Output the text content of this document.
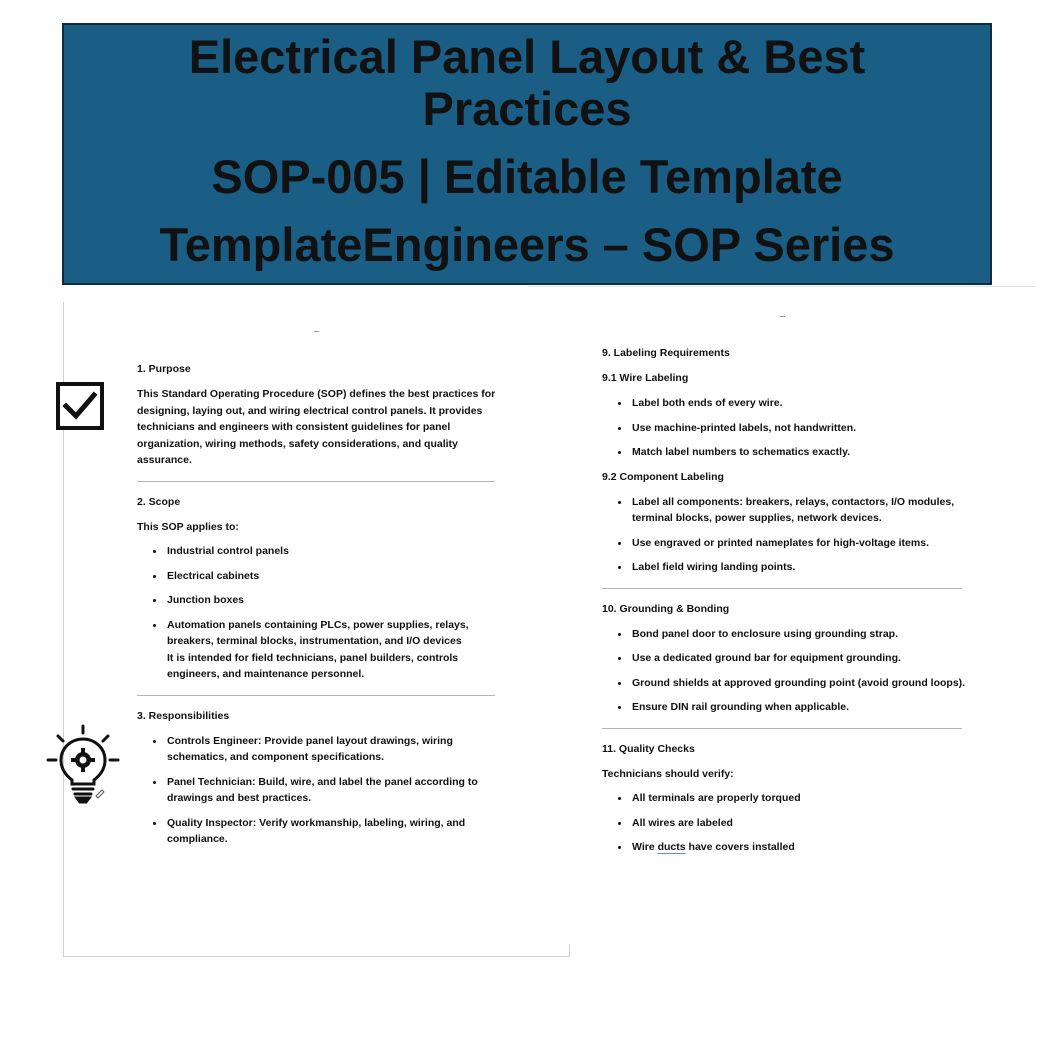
Electrical Panel Layout & Best Practices
SOP-005 | Editable Template
TemplateEngineers – SOP Series
1. Purpose

This Standard Operating Procedure (SOP) defines the best practices for designing, laying out, and wiring electrical control panels. It provides technicians and engineers with consistent guidelines for panel organization, wiring methods, safety considerations, and quality assurance.

2. Scope

This SOP applies to:

Industrial control panels
Electrical cabinets
Junction boxes
Automation panels containing PLCs, power supplies, relays, breakers, terminal blocks, instrumentation, and I/O devices
It is intended for field technicians, panel builders, controls engineers, and maintenance personnel.
3. Responsibilities
Controls Engineer: Provide panel layout drawings, wiring schematics, and component specifications.
Panel Technician: Build, wire, and label the panel according to drawings and best practices.
Quality Inspector: Verify workmanship, labeling, wiring, and compliance.
9. Labeling Requirements
9.1 Wire Labeling
Label both ends of every wire.
Use machine-printed labels, not handwritten.
Match label numbers to schematics exactly.
9.2 Component Labeling
Label all components: breakers, relays, contactors, I/O modules, terminal blocks, power supplies, network devices.
Use engraved or printed nameplates for high-voltage items.
Label field wiring landing points.
10. Grounding & Bonding
Bond panel door to enclosure using grounding strap.
Use a dedicated ground bar for equipment grounding.
Ground shields at approved grounding point (avoid ground loops).
Ensure DIN rail grounding when applicable.
11. Quality Checks

Technicians should verify:

All terminals are properly torqued
All wires are labeled
Wire ducts have covers installed
